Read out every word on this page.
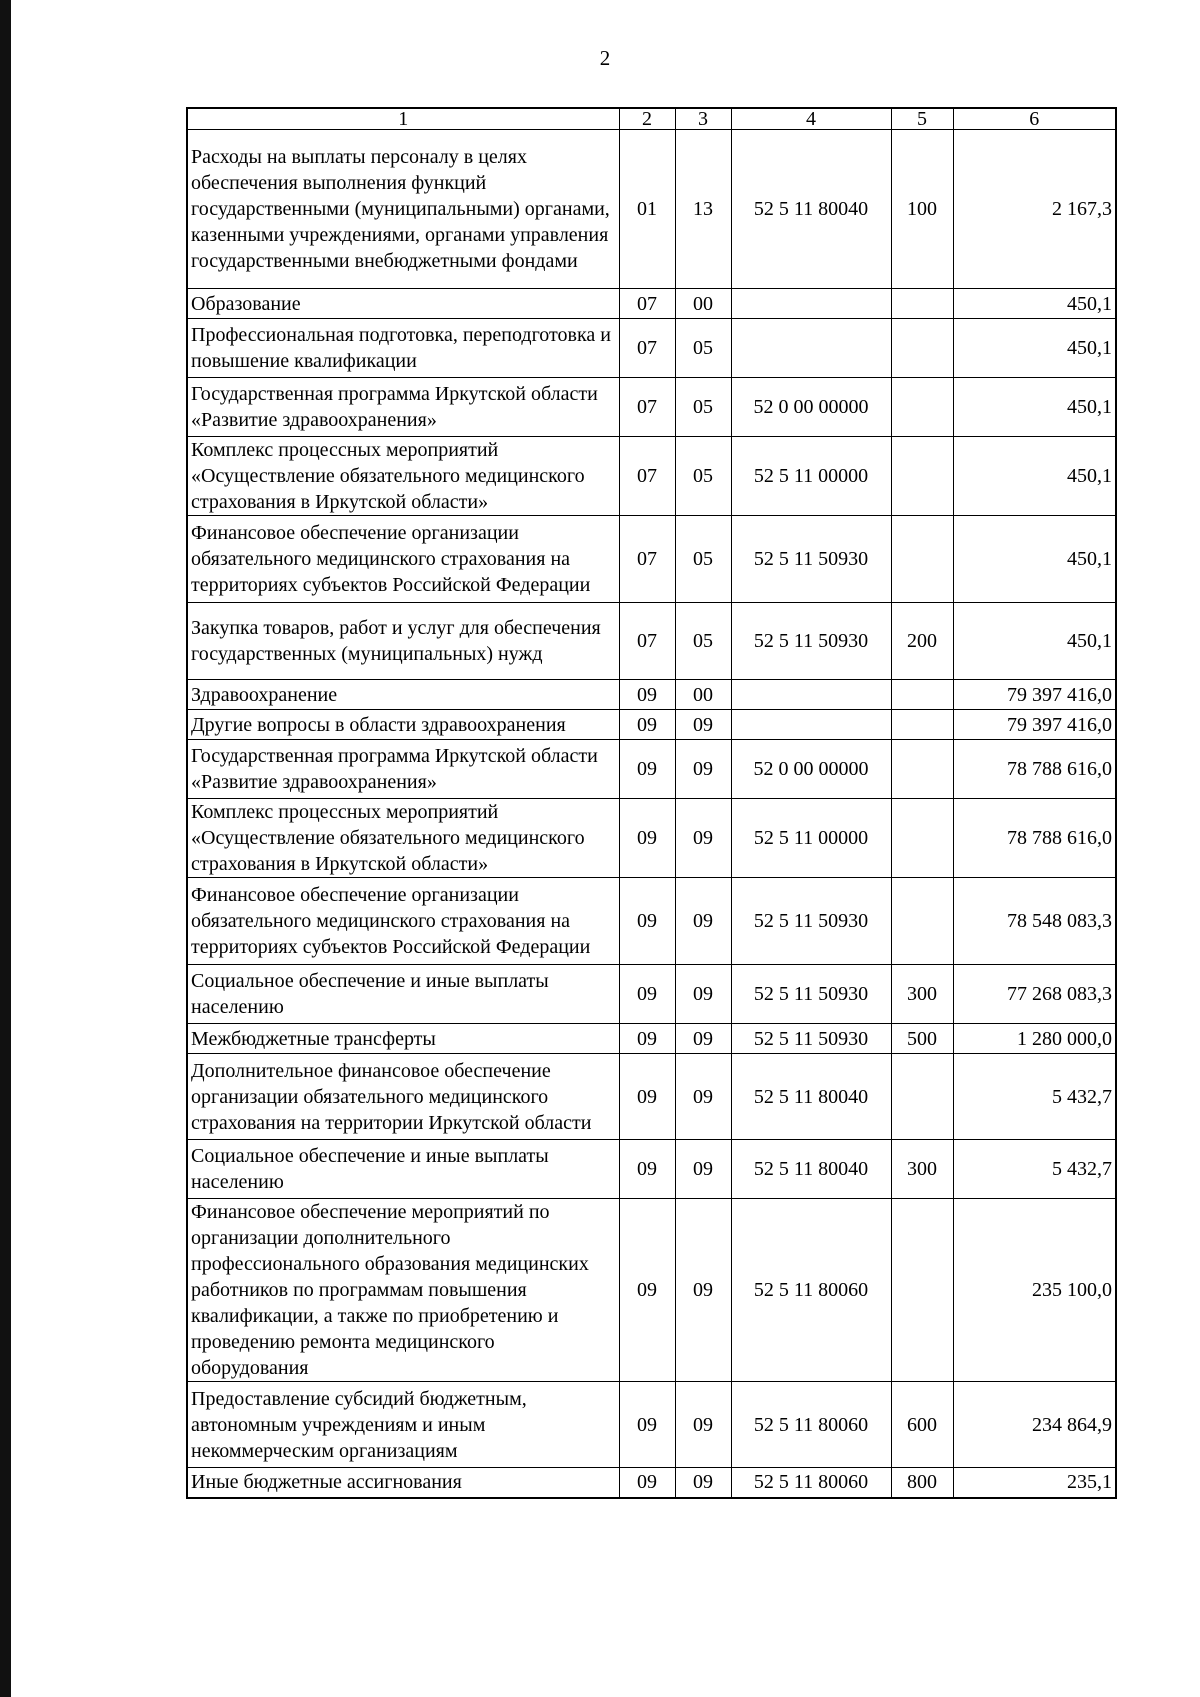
2
1	2	3	4	5	6
Расходы на выплаты персоналу в целях обеспечения выполнения функций государственными (муниципальными) органами, казенными учреждениями, органами управления государственными внебюджетными фондами	01	13	52 5 11 80040	100	2 167,3
Образование	07	00			450,1
Профессиональная подготовка, переподготовка и повышение квалификации	07	05			450,1
Государственная программа Иркутской области «Развитие здравоохранения»	07	05	52 0 00 00000		450,1
Комплекс процессных мероприятий «Осуществление обязательного медицинского страхования в Иркутской области»	07	05	52 5 11 00000		450,1
Финансовое обеспечение организации обязательного медицинского страхования на территориях субъектов Российской Федерации	07	05	52 5 11 50930		450,1
Закупка товаров, работ и услуг для обеспечения государственных (муниципальных) нужд	07	05	52 5 11 50930	200	450,1
Здравоохранение	09	00			79 397 416,0
Другие вопросы в области здравоохранения	09	09			79 397 416,0
Государственная программа Иркутской области «Развитие здравоохранения»	09	09	52 0 00 00000		78 788 616,0
Комплекс процессных мероприятий «Осуществление обязательного медицинского страхования в Иркутской области»	09	09	52 5 11 00000		78 788 616,0
Финансовое обеспечение организации обязательного медицинского страхования на территориях субъектов Российской Федерации	09	09	52 5 11 50930		78 548 083,3
Социальное обеспечение и иные выплаты населению	09	09	52 5 11 50930	300	77 268 083,3
Межбюджетные трансферты	09	09	52 5 11 50930	500	1 280 000,0
Дополнительное финансовое обеспечение организации обязательного медицинского страхования на территории Иркутской области	09	09	52 5 11 80040		5 432,7
Социальное обеспечение и иные выплаты населению	09	09	52 5 11 80040	300	5 432,7
Финансовое обеспечение мероприятий по организации дополнительного профессионального образования медицинских работников по программам повышения квалификации, а также по приобретению и проведению ремонта медицинского оборудования	09	09	52 5 11 80060		235 100,0
Предоставление субсидий бюджетным, автономным учреждениям и иным некоммерческим организациям	09	09	52 5 11 80060	600	234 864,9
Иные бюджетные ассигнования	09	09	52 5 11 80060	800	235,1
